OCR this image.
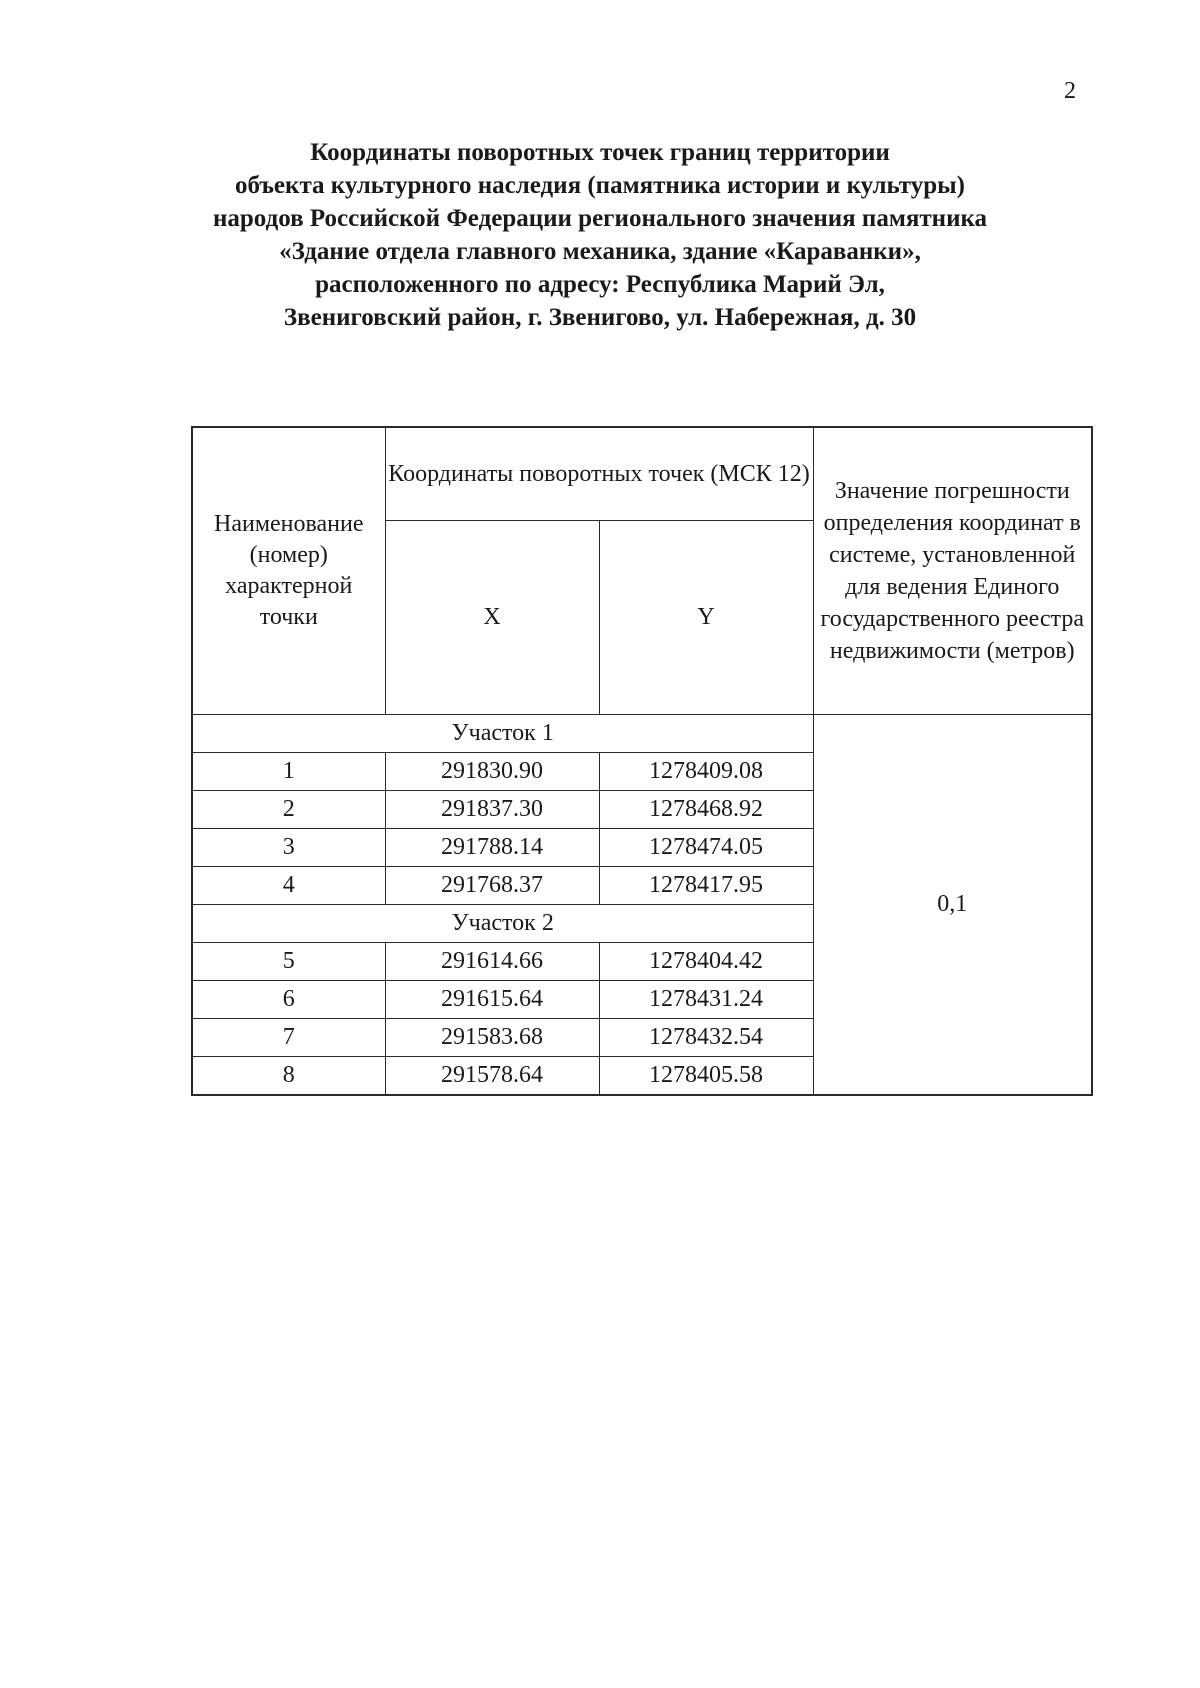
2
Координаты поворотных точек границ территории
объекта культурного наследия (памятника истории и культуры)
народов Российской Федерации регионального значения памятника
«Здание отдела главного механика, здание «Караванки»,
расположенного по адресу: Республика Марий Эл,
Звениговский район, г. Звенигово, ул. Набережная, д. 30
Наименование (номер) характерной точки	Координаты поворотных точек (МСК 12)		Значение погрешности определения координат в системе, установленной для ведения Единого государственного реестра недвижимости (метров)
	X	Y	
Участок 1			0,1
1	291830.90	1278409.08	
2	291837.30	1278468.92	
3	291788.14	1278474.05	
4	291768.37	1278417.95	
Участок 2			
5	291614.66	1278404.42	
6	291615.64	1278431.24	
7	291583.68	1278432.54	
8	291578.64	1278405.58	
